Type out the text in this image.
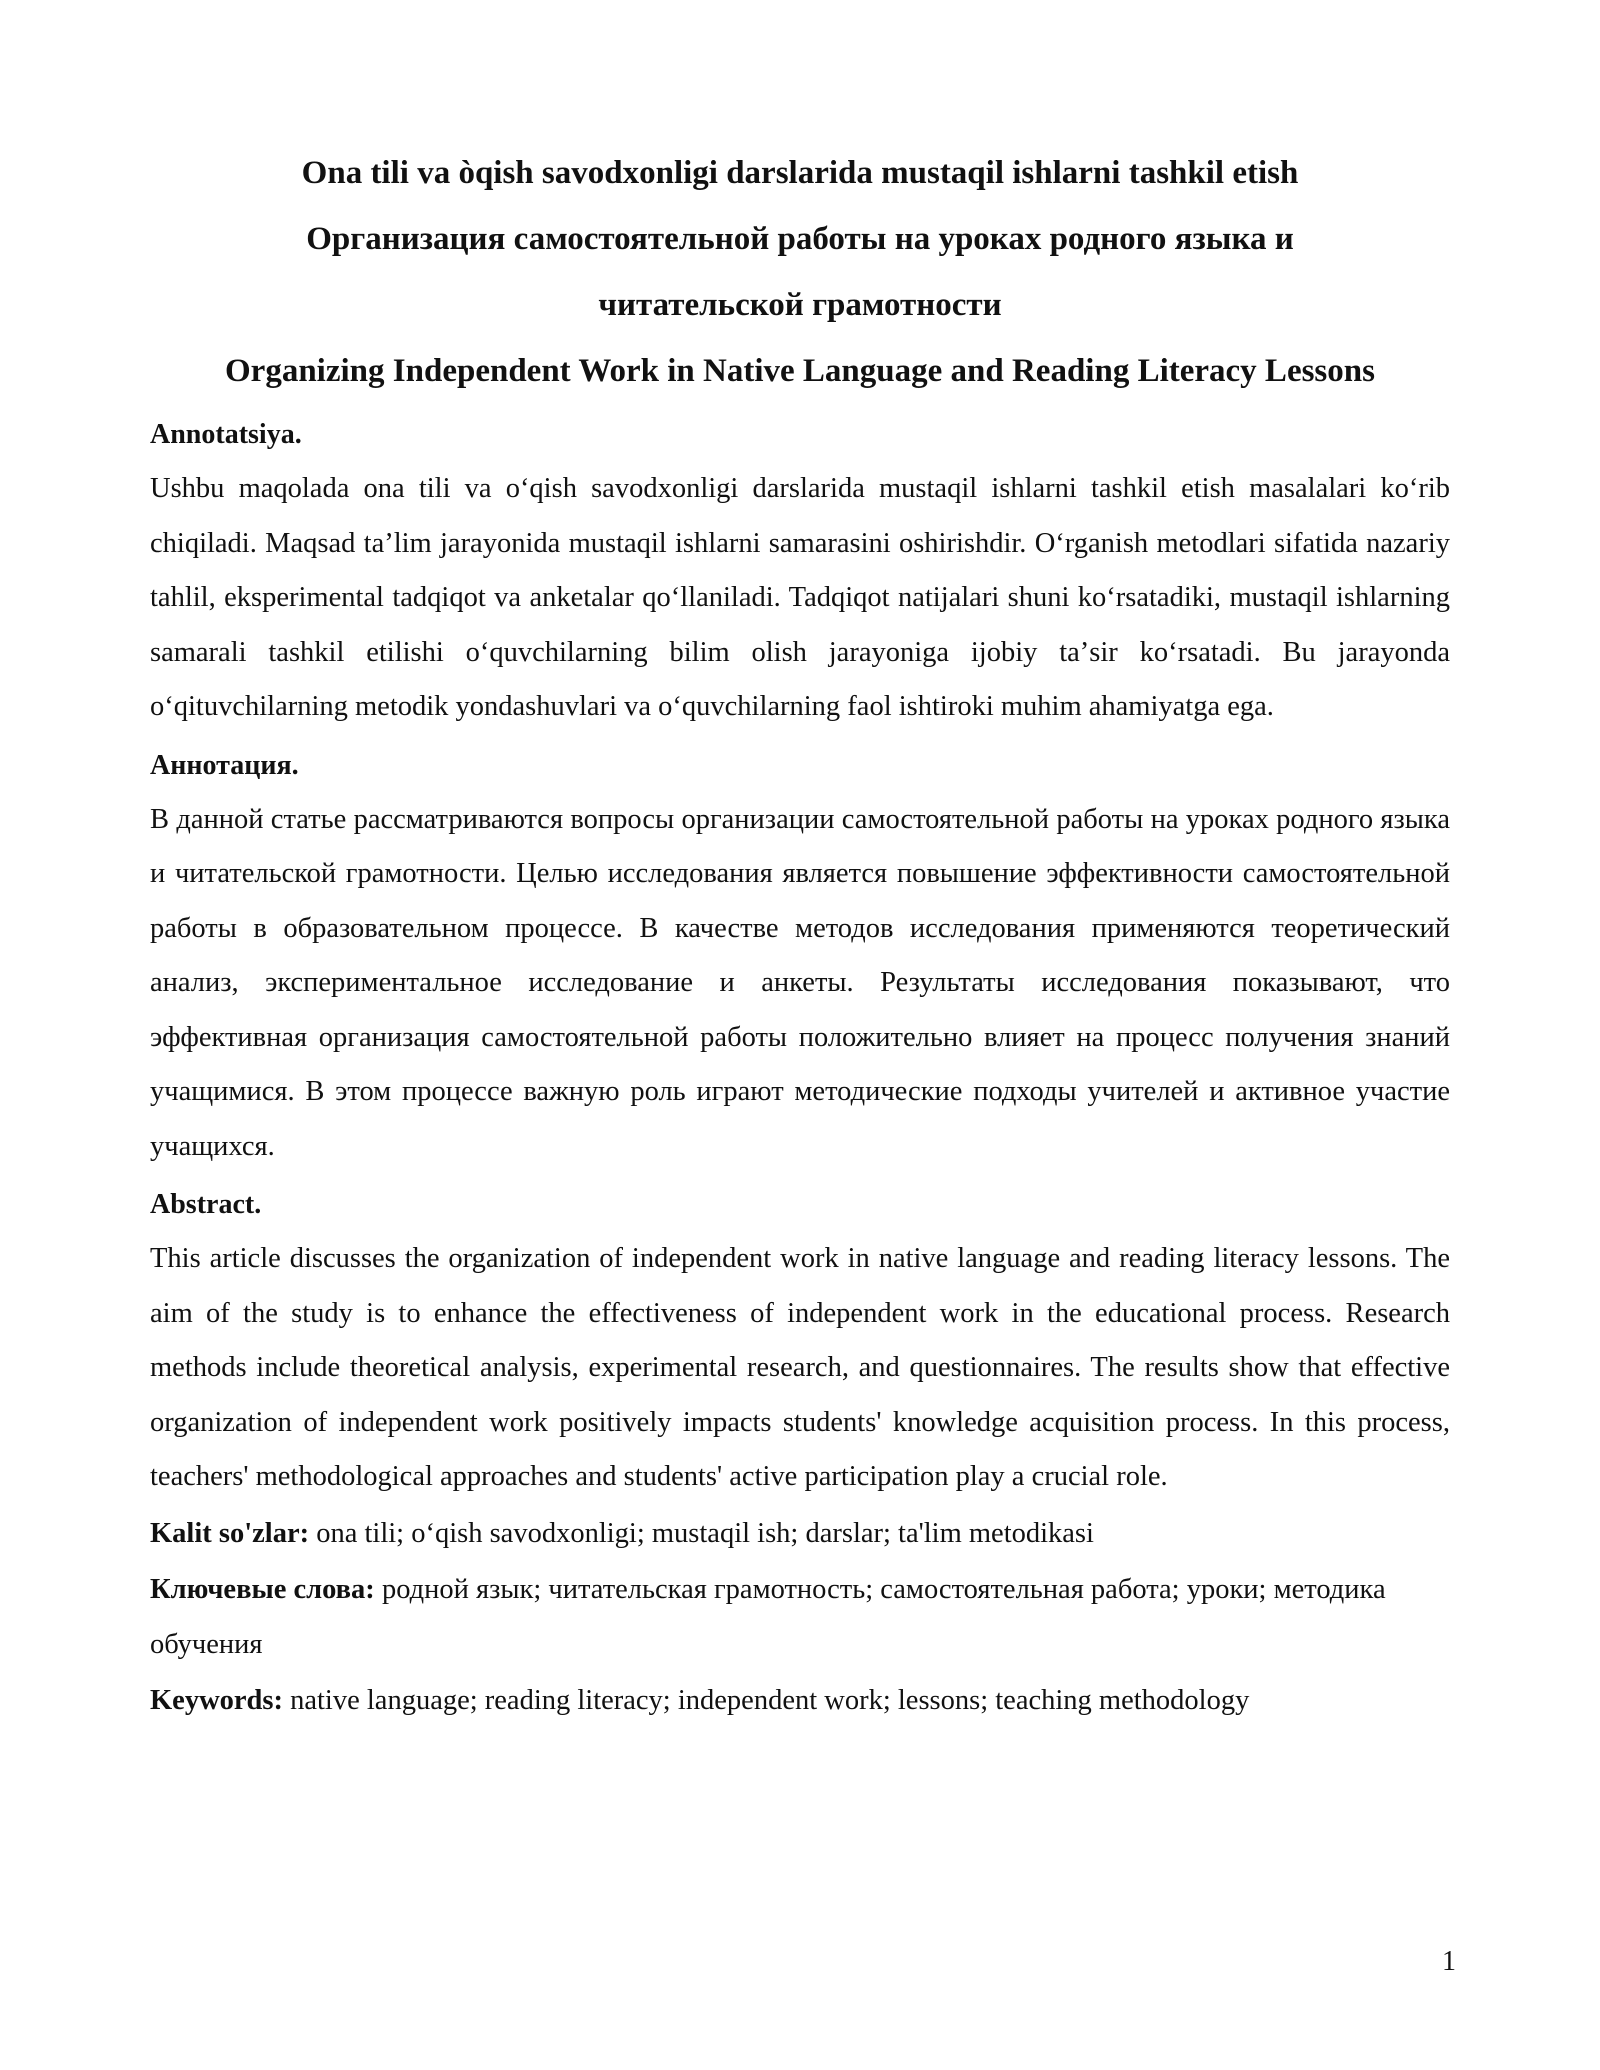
Ona tili va òqish savodxonligi darslarida mustaqil ishlarni tashkil etish
Организация самостоятельной работы на уроках родного языка и
читательской грамотности
Organizing Independent Work in Native Language and Reading Literacy Lessons
Annotatsiya.

Ushbu maqolada ona tili va oʻqish savodxonligi darslarida mustaqil ishlarni tashkil etish masalalari koʻrib chiqiladi. Maqsad taʼlim jarayonida mustaqil ishlarni samarasini oshirishdir. Oʻrganish metodlari sifatida nazariy tahlil, eksperimental tadqiqot va anketalar qoʻllaniladi. Tadqiqot natijalari shuni koʻrsatadiki, mustaqil ishlarning samarali tashkil etilishi oʻquvchilarning bilim olish jarayoniga ijobiy taʼsir koʻrsatadi. Bu jarayonda oʻqituvchilarning metodik yondashuvlari va oʻquvchilarning faol ishtiroki muhim ahamiyatga ega.

Аннотация.

В данной статье рассматриваются вопросы организации самостоятельной работы на уроках родного языка и читательской грамотности. Целью исследования является повышение эффективности самостоятельной работы в образовательном процессе. В качестве методов исследования применяются теоретический анализ, экспериментальное исследование и анкеты. Результаты исследования показывают, что эффективная организация самостоятельной работы положительно влияет на процесс получения знаний учащимися. В этом процессе важную роль играют методические подходы учителей и активное участие учащихся.

Abstract.

This article discusses the organization of independent work in native language and reading literacy lessons. The aim of the study is to enhance the effectiveness of independent work in the educational process. Research methods include theoretical analysis, experimental research, and questionnaires. The results show that effective organization of independent work positively impacts students' knowledge acquisition process. In this process, teachers' methodological approaches and students' active participation play a crucial role.

Kalit so'zlar: ona tili; oʻqish savodxonligi; mustaqil ish; darslar; ta'lim metodikasi

Ключевые слова: родной язык; читательская грамотность; самостоятельная работа; уроки; методика обучения

Keywords: native language; reading literacy; independent work; lessons; teaching methodology

1
